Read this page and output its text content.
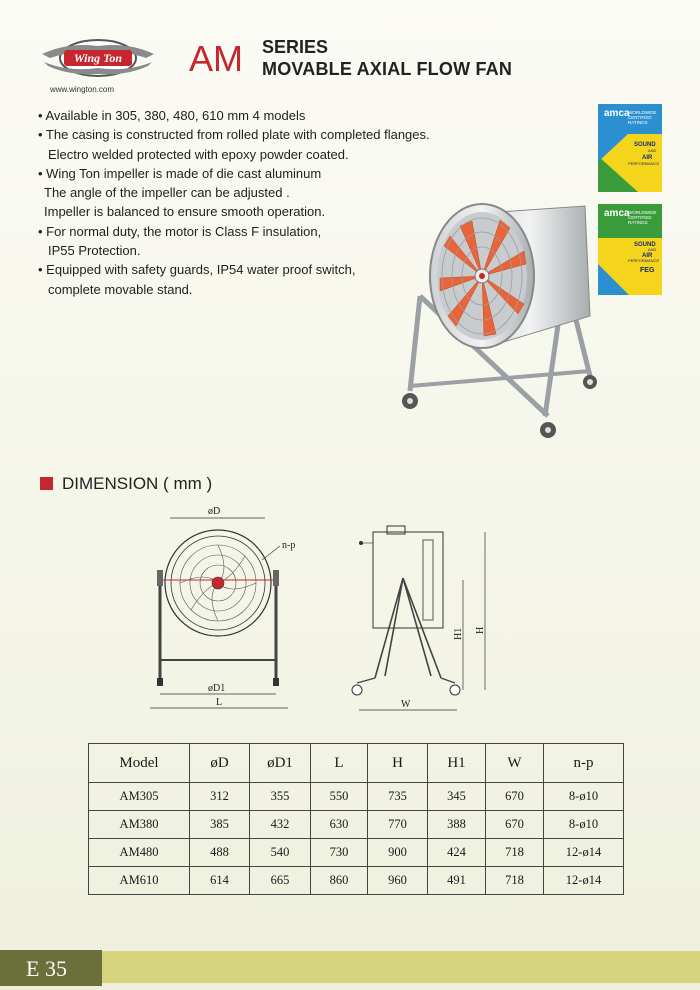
Wing Ton
www.wington.com
AM SERIES
MOVABLE AXIAL FLOW FAN
• Available in 305, 380, 480, 610 mm 4 models
• The casing is constructed from rolled plate with completed flanges.
Electro welded protected with epoxy powder coated.
• Wing Ton impeller is made of die cast aluminum
The angle of the impeller can be adjusted .
Impeller is balanced to ensure smooth operation.
• For normal duty, the motor is Class F insulation,
IP55 Protection.
• Equipped with safety guards, IP54 water proof switch,
complete movable stand.
amca
WORLDWIDE
CERTIFIED
RATINGS
SOUND
AND
AIR
PERFORMANCE

amca
WORLDWIDE
CERTIFIED
RATINGS
SOUND
AND
AIR
PERFORMANCE
FEG
DIMENSION ( mm )
øD
n-p
øD1
L	W
H1 H
Model	øD	øD1	L	H	H1	W	n-p
AM305	312	355	550	735	345	670	8-ø10
AM380	385	432	630	770	388	670	8-ø10
AM480	488	540	730	900	424	718	12-ø14
AM610	614	665	860	960	491	718	12-ø14
E 35
